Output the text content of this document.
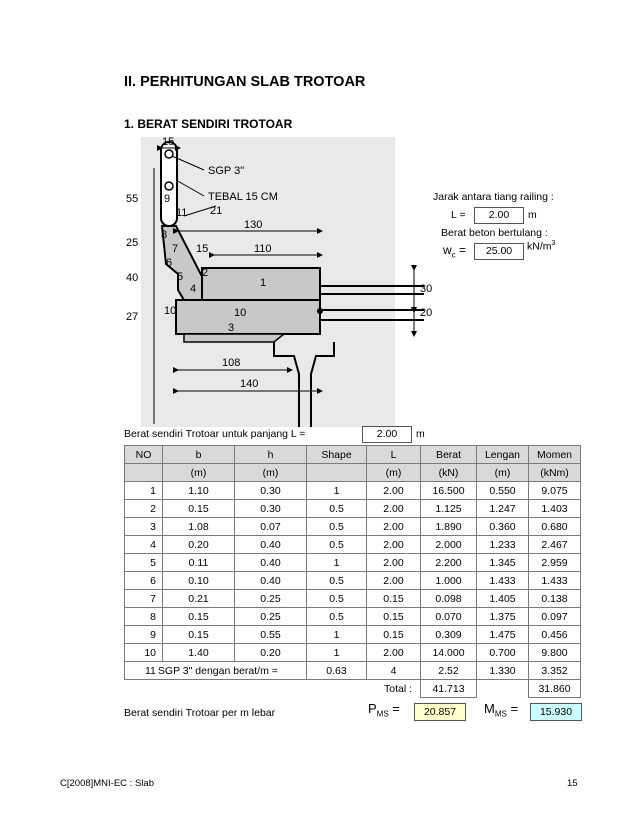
II. PERHITUNGAN SLAB TROTOAR
1. BERAT SENDIRI TROTOAR
15
SGP 3"
TEBAL 15 CM
55
25
40
27
21
130
110
15
30
20
108
140
1
2
3
4
5
6
7
8
9
10	10
11
Jarak antara tiang railing :
L =	2.00	m
Berat beton bertulang :
$w_c$ =	25.00	$kN/m^3$
Berat sendiri Trotoar untuk panjang L =	2.00	m
NO	b	h	Shape	L	Berat	Lengan	Momen
	(m)	(m)		(m)	(kN)	(m)	(kNm)
1	1.10	0.30	1	2.00	16.500	0.550	9.075
2	0.15	0.30	0.5	2.00	1.125	1.247	1.403
3	1.08	0.07	0.5	2.00	1.890	0.360	0.680
4	0.20	0.40	0.5	2.00	2.000	1.233	2.467
5	0.11	0.40	1	2.00	2.200	1.345	2.959
6	0.10	0.40	0.5	2.00	1.000	1.433	1.433
7	0.21	0.25	0.5	0.15	0.098	1.405	0.138
8	0.15	0.25	0.5	0.15	0.070	1.375	0.097
9	0.15	0.55	1	0.15	0.309	1.475	0.456
10	1.40	0.20	1	2.00	14.000	0.700	9.800
11 SGP 3" dengan berat/m =			0.63	4	2.52	1.330	3.352
Total :					41.713		31.860
Berat sendiri Trotoar per m lebar	$P_{MS}$ =	20.857	$M_{MS}$ =	15.930
C[2008]MNI-EC : Slab	15
